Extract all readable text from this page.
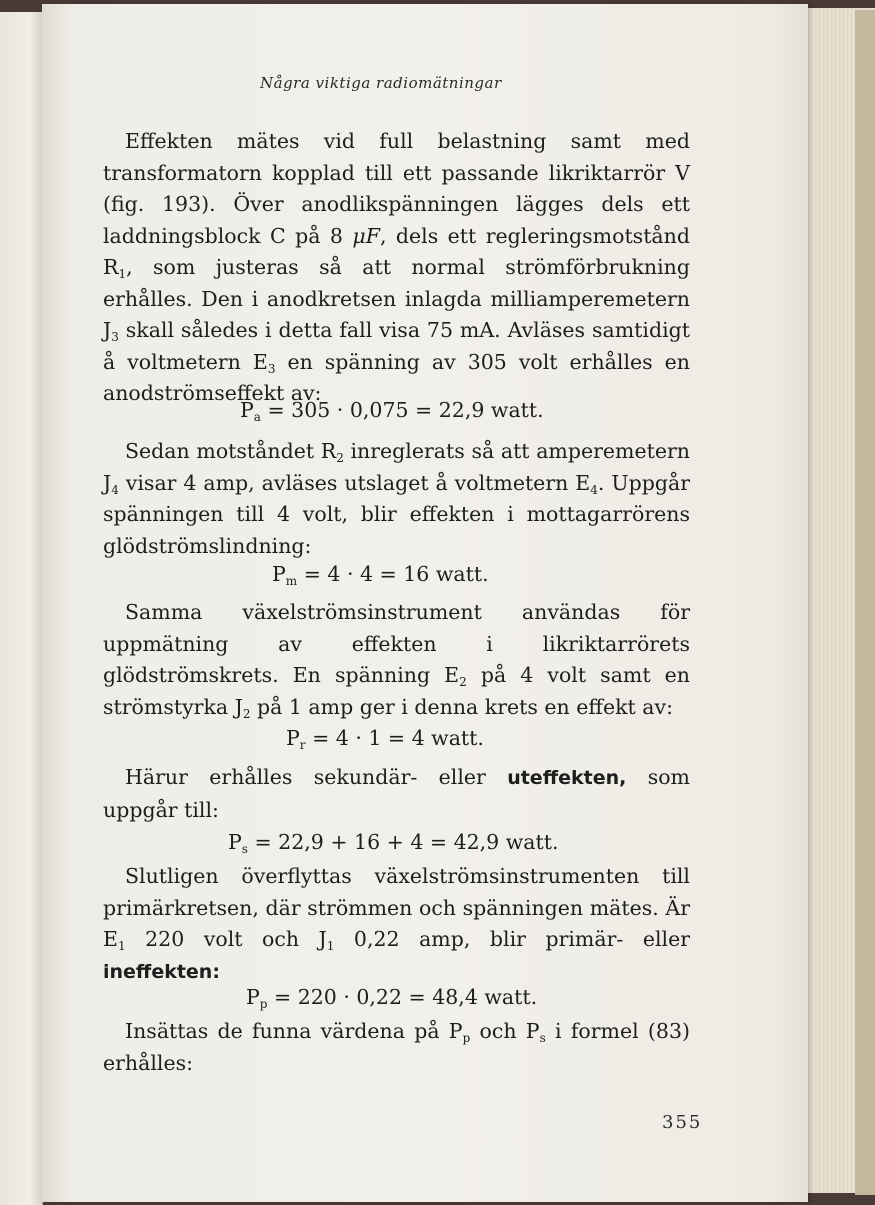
Några viktiga radiomätningar

Effekten mätes vid full belastning samt med transformatorn kopplad till ett passande likriktarrör V (fig. 193). Över anodlikspänningen lägges dels ett laddningsblock C på 8 μF, dels ett regleringsmotstånd $R_1$, som justeras så att normal strömförbrukning erhålles. Den i anodkretsen inlagda milliamperemetern $J_3$ skall således i detta fall visa 75 mA. Avläses samtidigt å voltmetern $E_3$ en spänning av 305 volt erhålles en anodströmseffekt av:

$P_a = 305 \cdot 0,075 = 22,9$ watt.

Sedan motståndet $R_2$ inreglerats så att amperemetern $J_4$ visar 4 amp, avläses utslaget å voltmetern $E_4$. Uppgår spänningen till 4 volt, blir effekten i mottagarrörens glödströmslindning:

$P_m = 4 \cdot 4 = 16$ watt.

Samma växelströmsinstrument användas för uppmätning av effekten i likriktarrörets glödströmskrets. En spänning $E_2$ på 4 volt samt en strömstyrka $J_2$ på 1 amp ger i denna krets en effekt av:

$P_r = 4 \cdot 1 = 4$ watt.

Härur erhålles sekundär- eller uteffekten, som uppgår till:

$P_s = 22,9 + 16 + 4 = 42,9$ watt.

Slutligen överflyttas växelströmsinstrumenten till primärkretsen, där strömmen och spänningen mätes. Är $E_1$ 220 volt och $J_1$ 0,22 amp, blir primär- eller ineffekten:

$P_p = 220 \cdot 0,22 = 48,4$ watt.

Insättas de funna värdena på $P_p$ och $P_s$ i formel (83) erhålles:

355
